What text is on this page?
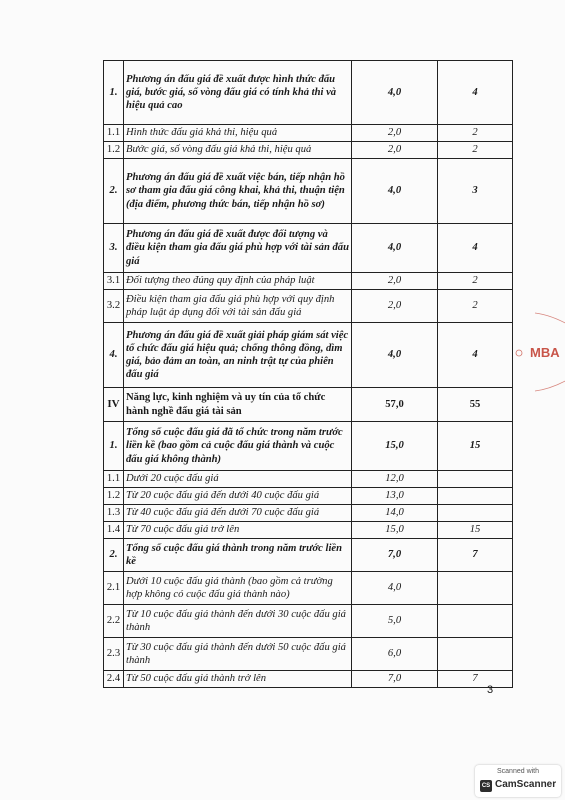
1.	Phương án đấu giá đề xuất được hình thức đấu giá, bước giá, số vòng đấu giá có tính khả thi và hiệu quả cao	4,0	4
1.1	Hình thức đấu giá khả thi, hiệu quả	2,0	2
1.2	Bước giá, số vòng đấu giá khả thi, hiệu quả	2,0	2
2.	Phương án đấu giá đề xuất việc bán, tiếp nhận hồ sơ tham gia đấu giá công khai, khả thi, thuận tiện (địa điểm, phương thức bán, tiếp nhận hồ sơ)	4,0	3
3.	Phương án đấu giá đề xuất được đối tượng và điều kiện tham gia đấu giá phù hợp với tài sản đấu giá	4,0	4
3.1	Đối tượng theo đúng quy định của pháp luật	2,0	2
3.2	Điều kiện tham gia đấu giá phù hợp với quy định pháp luật áp dụng đối với tài sản đấu giá	2,0	2
4.	Phương án đấu giá đề xuất giải pháp giám sát việc tổ chức đấu giá hiệu quả; chống thông đồng, dìm giá, bảo đảm an toàn, an ninh trật tự của phiên đấu giá	4,0	4
IV	Năng lực, kinh nghiệm và uy tín của tổ chức hành nghề đấu giá tài sản	57,0	55
1.	Tổng số cuộc đấu giá đã tổ chức trong năm trước liền kề (bao gồm cả cuộc đấu giá thành và cuộc đấu giá không thành)	15,0	15
1.1	Dưới 20 cuộc đấu giá	12,0	
1.2	Từ 20 cuộc đấu giá đến dưới 40 cuộc đấu giá	13,0	
1.3	Từ 40 cuộc đấu giá đến dưới 70 cuộc đấu giá	14,0	
1.4	Từ 70 cuộc đấu giá trở lên	15,0	15
2.	Tổng số cuộc đấu giá thành trong năm trước liền kề	7,0	7
2.1	Dưới 10 cuộc đấu giá thành (bao gồm cả trường hợp không có cuộc đấu giá thành nào)	4,0	
2.2	Từ 10 cuộc đấu giá thành đến dưới 30 cuộc đấu giá thành	5,0	
2.3	Từ 30 cuộc đấu giá thành đến dưới 50 cuộc đấu giá thành	6,0	
2.4	Từ 50 cuộc đấu giá thành trở lên	7,0	7
MBA
3
Scanned with
CS CamScanner
